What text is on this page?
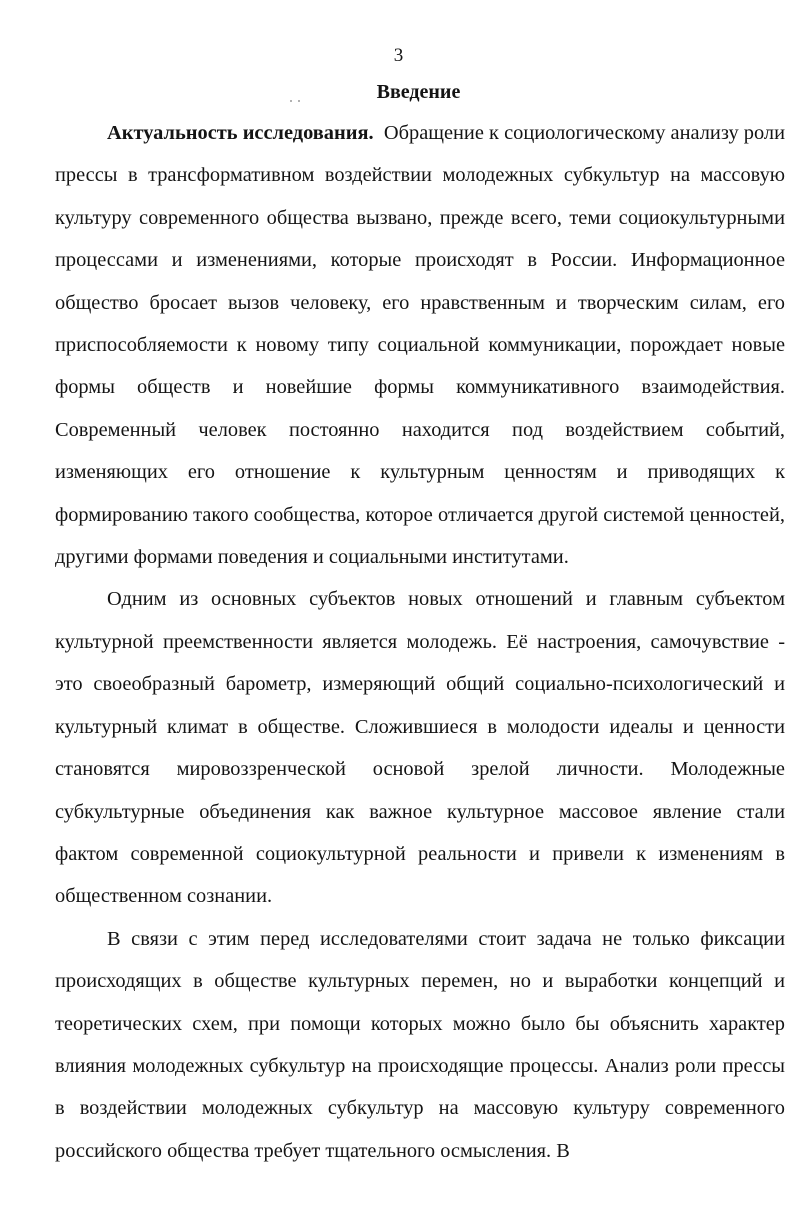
3
Введение

Актуальность исследования. Обращение к социологическому анализу роли прессы в трансформативном воздействии молодежных субкультур на массовую культуру современного общества вызвано, прежде всего, теми социокультурными процессами и изменениями, которые происходят в России. Информационное общество бросает вызов человеку, его нравственным и творческим силам, его приспособляемости к новому типу социальной коммуникации, порождает новые формы обществ и новейшие формы коммуникативного взаимодействия. Современный человек постоянно находится под воздействием событий, изменяющих его отношение к культурным ценностям и приводящих к формированию такого сообщества, которое отличается другой системой ценностей, другими формами поведения и социальными институтами.

Одним из основных субъектов новых отношений и главным субъектом культурной преемственности является молодежь. Её настроения, самочувствие - это своеобразный барометр, измеряющий общий социально-психологический и культурный климат в обществе. Сложившиеся в молодости идеалы и ценности становятся мировоззренческой основой зрелой личности. Молодежные субкультурные объединения как важное культурное массовое явление стали фактом современной социокультурной реальности и привели к изменениям в общественном сознании.

В связи с этим перед исследователями стоит задача не только фиксации происходящих в обществе культурных перемен, но и выработки концепций и теоретических схем, при помощи которых можно было бы объяснить характер влияния молодежных субкультур на происходящие процессы. Анализ роли прессы в воздействии молодежных субкультур на массовую культуру современного российского общества требует тщательного осмысления. В
